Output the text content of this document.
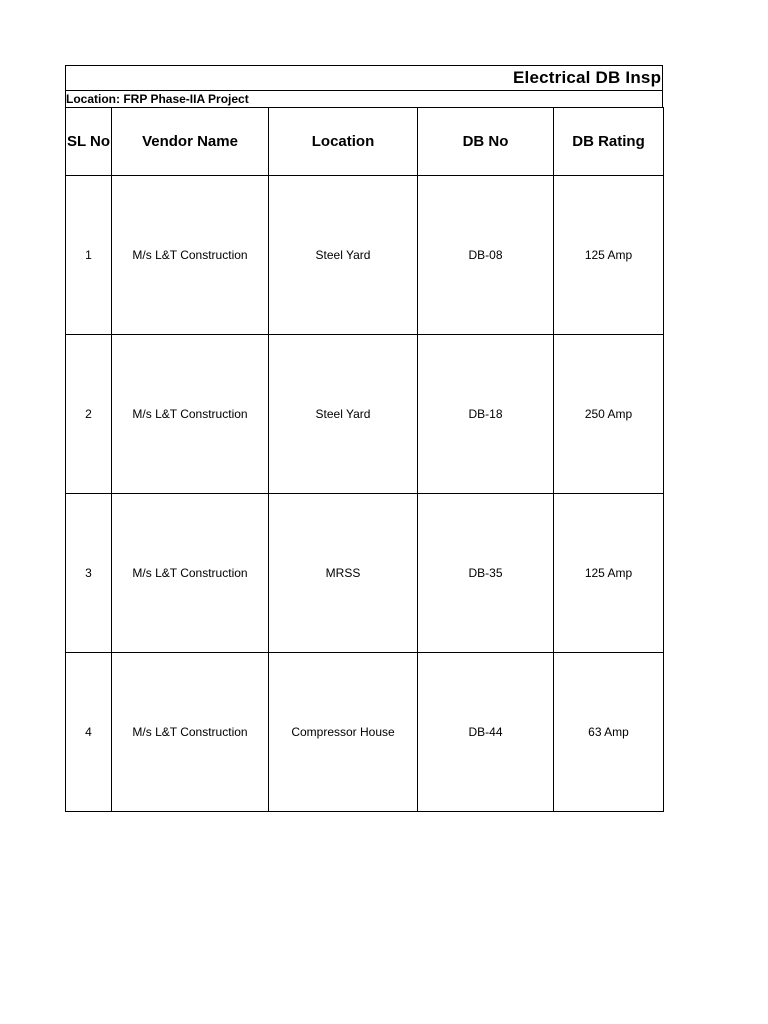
Electrical DB Insp
Location: FRP Phase-IIA Project
SL No	Vendor Name	Location	DB No	DB Rating
1	M/s L&T Construction	Steel Yard	DB-08	125 Amp
2	M/s L&T Construction	Steel Yard	DB-18	250 Amp
3	M/s L&T Construction	MRSS	DB-35	125 Amp
4	M/s L&T Construction	Compressor House	DB-44	63 Amp
